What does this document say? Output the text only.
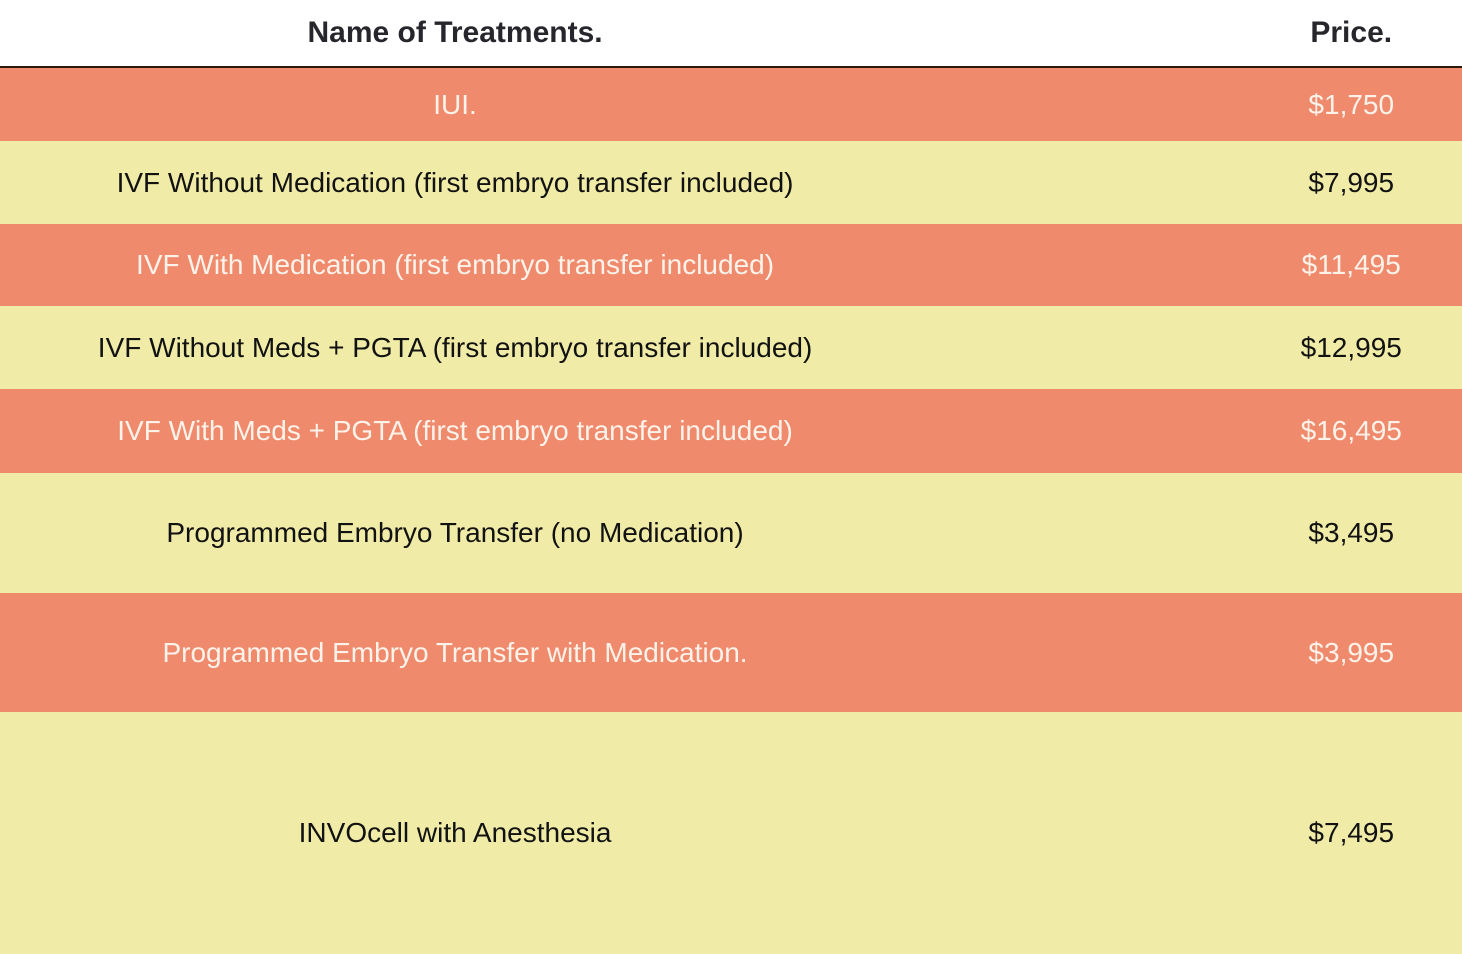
Name of Treatments.	Price.
IUI.	$1,750
IVF Without Medication (first embryo transfer included)	$7,995
IVF With Medication (first embryo transfer included)	$11,495
IVF Without Meds + PGTA (first embryo transfer included)	$12,995
IVF With Meds + PGTA (first embryo transfer included)	$16,495
Programmed Embryo Transfer (no Medication)	$3,495
Programmed Embryo Transfer with Medication.	$3,995
INVOcell with Anesthesia	$7,495
